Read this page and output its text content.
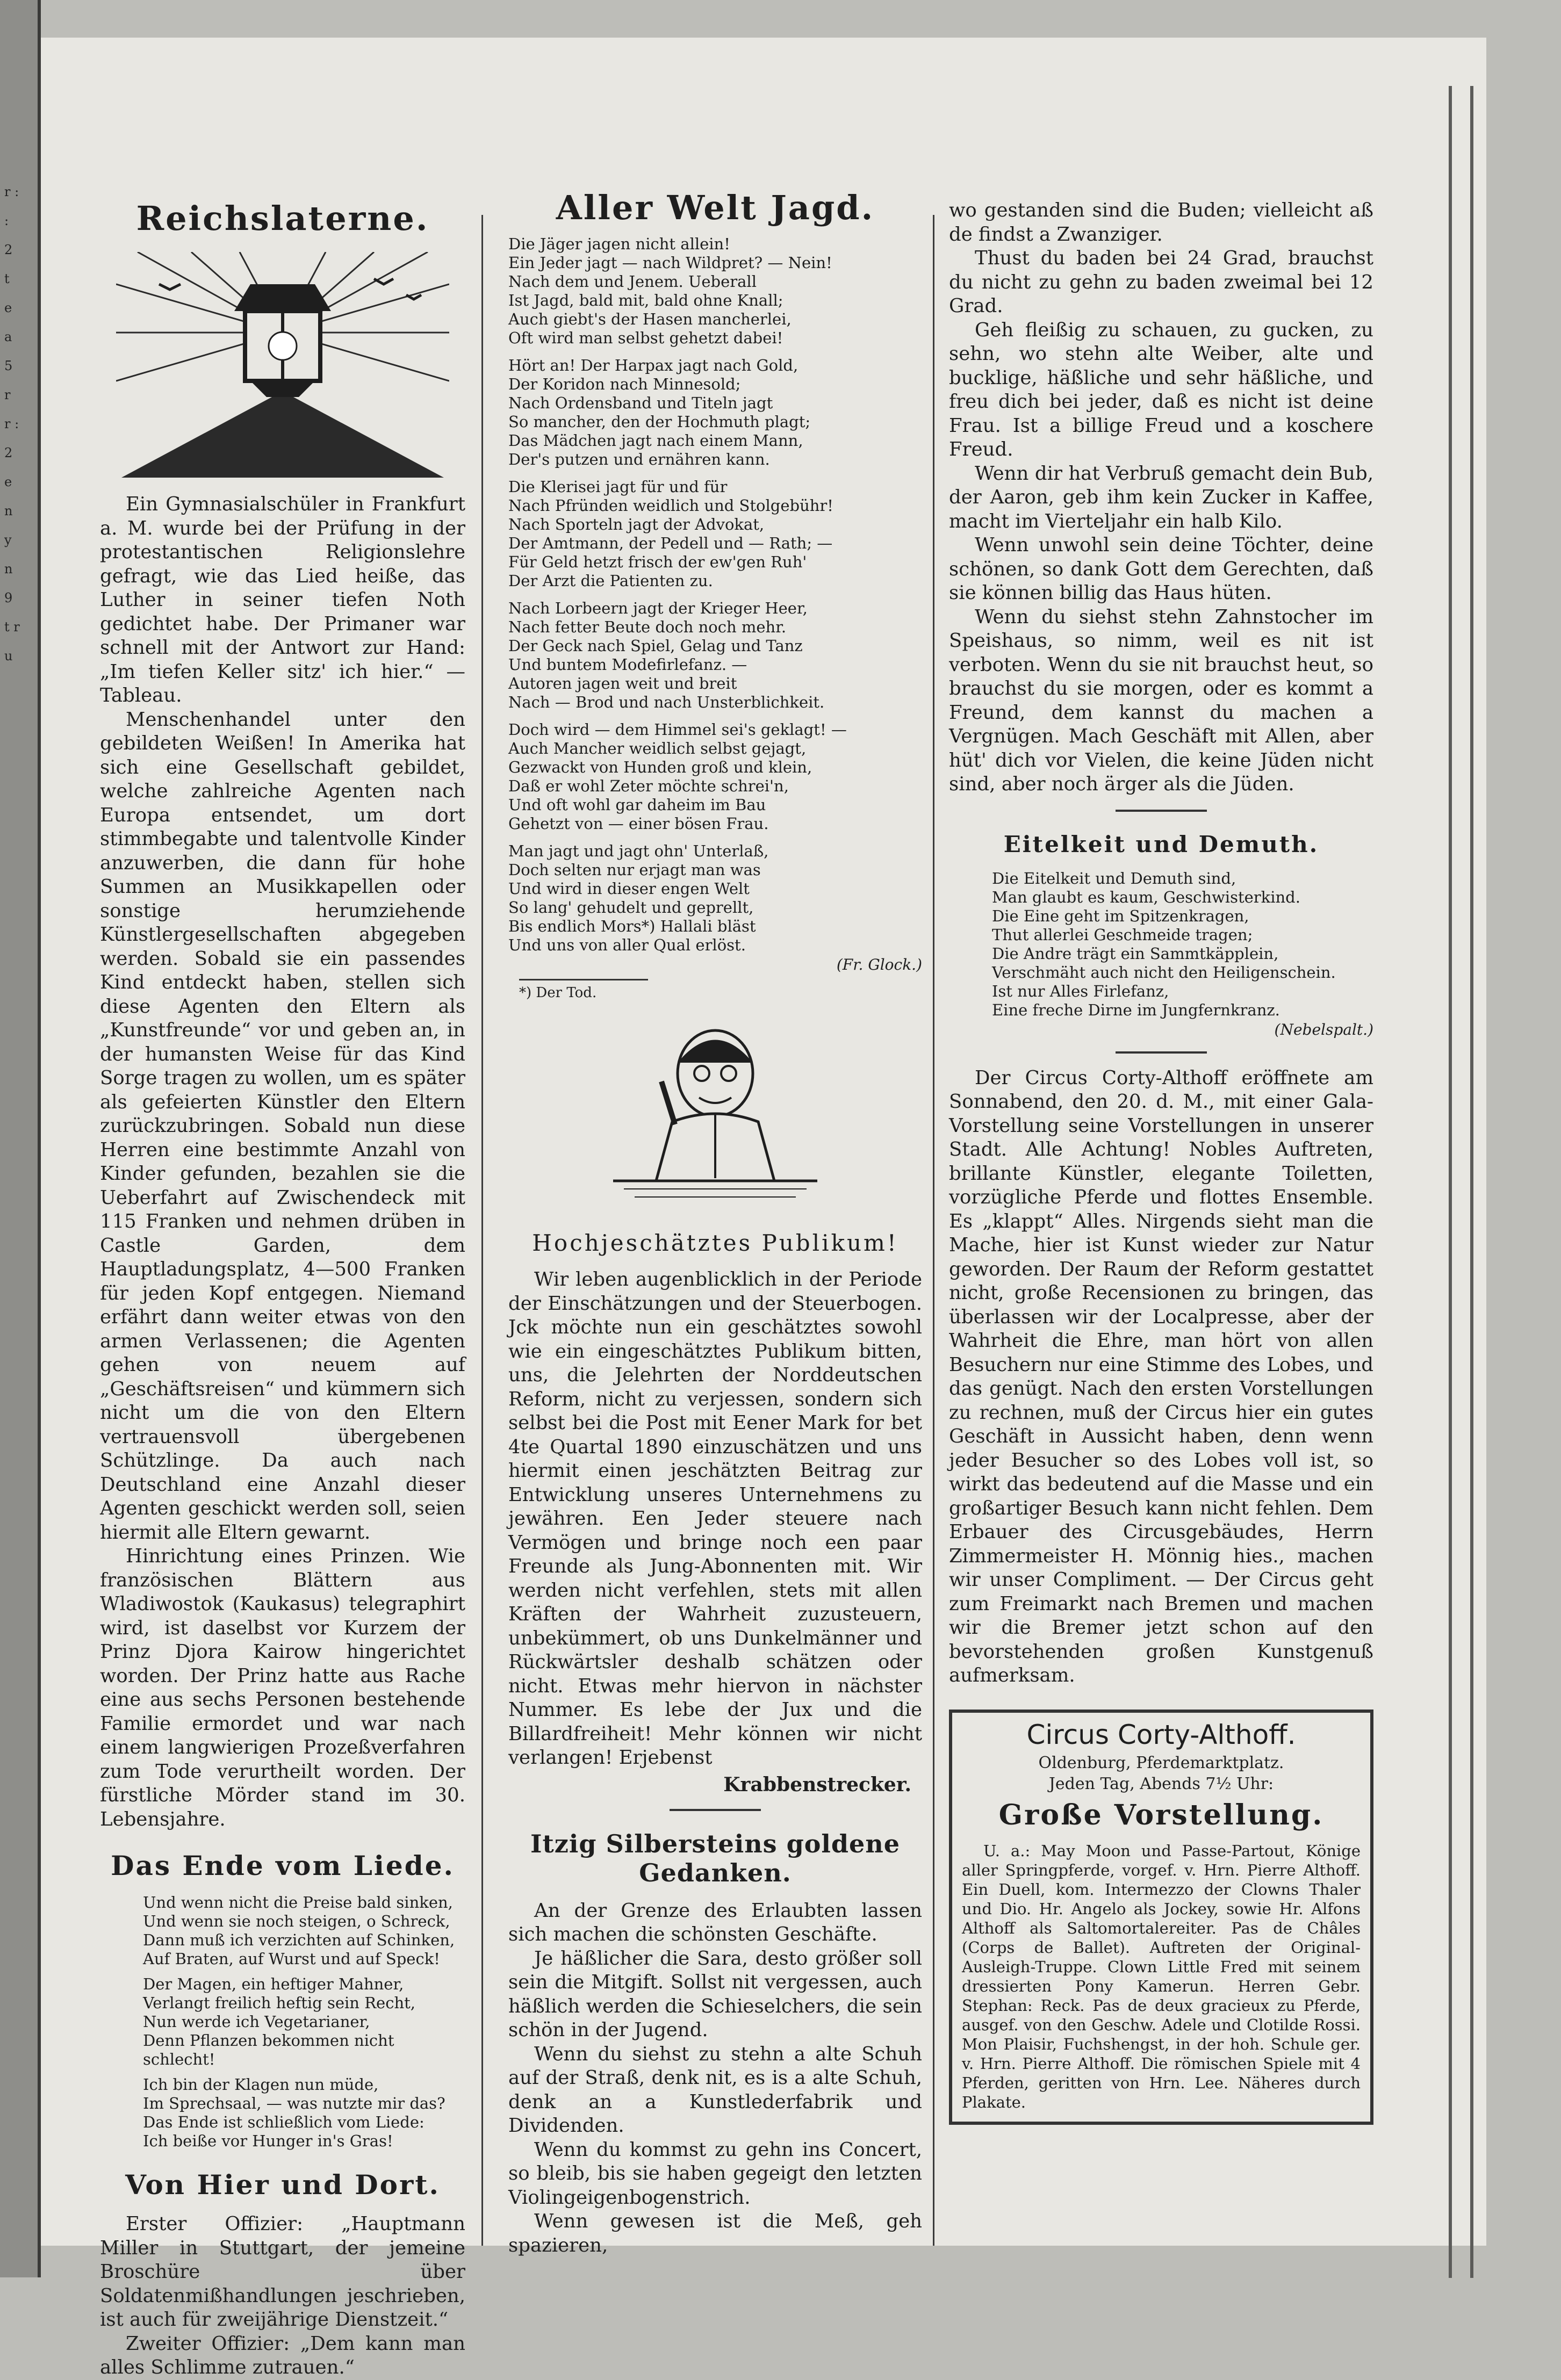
r : : 2 t e a 5 r r : 2 e n y n 9 t r u
Reichslaterne.

Ein Gymnasialschüler in Frankfurt a. M. wurde bei der Prüfung in der protestantischen Religionslehre gefragt, wie das Lied heiße, das Luther in seiner tiefen Noth gedichtet habe. Der Primaner war schnell mit der Antwort zur Hand: „Im tiefen Keller sitz' ich hier.“ — Tableau.

Menschenhandel unter den gebildeten Weißen! In Amerika hat sich eine Gesellschaft gebildet, welche zahlreiche Agenten nach Europa entsendet, um dort stimmbegabte und talentvolle Kinder anzuwerben, die dann für hohe Summen an Musikkapellen oder sonstige herumziehende Künstlergesellschaften abgegeben werden. Sobald sie ein passendes Kind entdeckt haben, stellen sich diese Agenten den Eltern als „Kunstfreunde“ vor und geben an, in der humansten Weise für das Kind Sorge tragen zu wollen, um es später als gefeierten Künstler den Eltern zurückzubringen. Sobald nun diese Herren eine bestimmte Anzahl von Kinder gefunden, bezahlen sie die Ueberfahrt auf Zwischendeck mit 115 Franken und nehmen drüben in Castle Garden, dem Hauptladungsplatz, 4—500 Franken für jeden Kopf entgegen. Niemand erfährt dann weiter etwas von den armen Verlassenen; die Agenten gehen von neuem auf „Geschäftsreisen“ und kümmern sich nicht um die von den Eltern vertrauensvoll übergebenen Schützlinge. Da auch nach Deutschland eine Anzahl dieser Agenten geschickt werden soll, seien hiermit alle Eltern gewarnt.

Hinrichtung eines Prinzen. Wie französischen Blättern aus Wladiwostok (Kaukasus) telegraphirt wird, ist daselbst vor Kurzem der Prinz Djora Kairow hingerichtet worden. Der Prinz hatte aus Rache eine aus sechs Personen bestehende Familie ermordet und war nach einem langwierigen Prozeßverfahren zum Tode verurtheilt worden. Der fürstliche Mörder stand im 30. Lebensjahre.

Das Ende vom Liede.
Und wenn nicht die Preise bald sinken,
Und wenn sie noch steigen, o Schreck,
Dann muß ich verzichten auf Schinken,
Auf Braten, auf Wurst und auf Speck!
Der Magen, ein heftiger Mahner,
Verlangt freilich heftig sein Recht,
Nun werde ich Vegetarianer,
Denn Pflanzen bekommen nicht schlecht!
Ich bin der Klagen nun müde,
Im Sprechsaal, — was nutzte mir das?
Das Ende ist schließlich vom Liede:
Ich beiße vor Hunger in's Gras!
Von Hier und Dort.

Erster Offizier: „Hauptmann Miller in Stuttgart, der jemeine Broschüre über Soldatenmißhandlungen jeschrieben, ist auch für zweijährige Dienstzeit.“

Zweiter Offizier: „Dem kann man alles Schlimme zutrauen.“

Aller Welt Jagd.
Die Jäger jagen nicht allein!
Ein Jeder jagt — nach Wildpret? — Nein!
Nach dem und Jenem. Ueberall
Ist Jagd, bald mit, bald ohne Knall;
Auch giebt's der Hasen mancherlei,
Oft wird man selbst gehetzt dabei!
Hört an! Der Harpax jagt nach Gold,
Der Koridon nach Minnesold;
Nach Ordensband und Titeln jagt
So mancher, den der Hochmuth plagt;
Das Mädchen jagt nach einem Mann,
Der's putzen und ernähren kann.
Die Klerisei jagt für und für
Nach Pfründen weidlich und Stolgebühr!
Nach Sporteln jagt der Advokat,
Der Amtmann, der Pedell und — Rath; —
Für Geld hetzt frisch der ew'gen Ruh'
Der Arzt die Patienten zu.
Nach Lorbeern jagt der Krieger Heer,
Nach fetter Beute doch noch mehr.
Der Geck nach Spiel, Gelag und Tanz
Und buntem Modefirlefanz. —
Autoren jagen weit und breit
Nach — Brod und nach Unsterblichkeit.
Doch wird — dem Himmel sei's geklagt! —
Auch Mancher weidlich selbst gejagt,
Gezwackt von Hunden groß und klein,
Daß er wohl Zeter möchte schrei'n,
Und oft wohl gar daheim im Bau
Gehetzt von — einer bösen Frau.
Man jagt und jagt ohn' Unterlaß,
Doch selten nur erjagt man was
Und wird in dieser engen Welt
So lang' gehudelt und geprellt,
Bis endlich Mors*) Hallali bläst
Und uns von aller Qual erlöst.
(Fr. Glock.)
*) Der Tod.
Hochjeschätztes Publikum!

Wir leben augenblicklich in der Periode der Einschätzungen und der Steuerbogen. Jck möchte nun ein geschätztes sowohl wie ein eingeschätztes Publikum bitten, uns, die Jelehrten der Norddeutschen Reform, nicht zu verjessen, sondern sich selbst bei die Post mit Eener Mark for bet 4te Quartal 1890 einzuschätzen und uns hiermit einen jeschätzten Beitrag zur Entwicklung unseres Unternehmens zu jewähren. Een Jeder steuere nach Vermögen und bringe noch een paar Freunde als Jung-Abonnenten mit. Wir werden nicht verfehlen, stets mit allen Kräften der Wahrheit zuzusteuern, unbekümmert, ob uns Dunkelmänner und Rückwärtsler deshalb schätzen oder nicht. Etwas mehr hiervon in nächster Nummer. Es lebe der Jux und die Billardfreiheit! Mehr können wir nicht verlangen! Erjebenst

Krabbenstrecker.
Itzig Silbersteins goldene Gedanken.

An der Grenze des Erlaubten lassen sich machen die schönsten Geschäfte.

Je häßlicher die Sara, desto größer soll sein die Mitgift. Sollst nit vergessen, auch häßlich werden die Schieselchers, die sein schön in der Jugend.

Wenn du siehst zu stehn a alte Schuh auf der Straß, denk nit, es is a alte Schuh, denk an a Kunstlederfabrik und Dividenden.

Wenn du kommst zu gehn ins Concert, so bleib, bis sie haben gegeigt den letzten Violingeigenbogenstrich.

Wenn gewesen ist die Meß, geh spazieren,

wo gestanden sind die Buden; vielleicht aß de findst a Zwanziger.

Thust du baden bei 24 Grad, brauchst du nicht zu gehn zu baden zweimal bei 12 Grad.

Geh fleißig zu schauen, zu gucken, zu sehn, wo stehn alte Weiber, alte und bucklige, häßliche und sehr häßliche, und freu dich bei jeder, daß es nicht ist deine Frau. Ist a billige Freud und a koschere Freud.

Wenn dir hat Verbruß gemacht dein Bub, der Aaron, geb ihm kein Zucker in Kaffee, macht im Vierteljahr ein halb Kilo.

Wenn unwohl sein deine Töchter, deine schönen, so dank Gott dem Gerechten, daß sie können billig das Haus hüten.

Wenn du siehst stehn Zahnstocher im Speishaus, so nimm, weil es nit ist verboten. Wenn du sie nit brauchst heut, so brauchst du sie morgen, oder es kommt a Freund, dem kannst du machen a Vergnügen. Mach Geschäft mit Allen, aber hüt' dich vor Vielen, die keine Jüden nicht sind, aber noch ärger als die Jüden.

Eitelkeit und Demuth.
Die Eitelkeit und Demuth sind,
Man glaubt es kaum, Geschwisterkind.
Die Eine geht im Spitzenkragen,
Thut allerlei Geschmeide tragen;
Die Andre trägt ein Sammtkäpplein,
Verschmäht auch nicht den Heiligenschein.
Ist nur Alles Firlefanz,
Eine freche Dirne im Jungfernkranz.
(Nebelspalt.)

Der Circus Corty-Althoff eröffnete am Sonnabend, den 20. d. M., mit einer Gala-Vorstellung seine Vorstellungen in unserer Stadt. Alle Achtung! Nobles Auftreten, brillante Künstler, elegante Toiletten, vorzügliche Pferde und flottes Ensemble. Es „klappt“ Alles. Nirgends sieht man die Mache, hier ist Kunst wieder zur Natur geworden. Der Raum der Reform gestattet nicht, große Recensionen zu bringen, das überlassen wir der Localpresse, aber der Wahrheit die Ehre, man hört von allen Besuchern nur eine Stimme des Lobes, und das genügt. Nach den ersten Vorstellungen zu rechnen, muß der Circus hier ein gutes Geschäft in Aussicht haben, denn wenn jeder Besucher so des Lobes voll ist, so wirkt das bedeutend auf die Masse und ein großartiger Besuch kann nicht fehlen. Dem Erbauer des Circusgebäudes, Herrn Zimmermeister H. Mönnig hies., machen wir unser Compliment. — Der Circus geht zum Freimarkt nach Bremen und machen wir die Bremer jetzt schon auf den bevorstehenden großen Kunstgenuß aufmerksam.

Circus Corty-Althoff.

Oldenburg, Pferdemarktplatz.

Jeden Tag, Abends 7½ Uhr:

Große Vorstellung.

U. a.: May Moon und Passe-Partout, Könige aller Springpferde, vorgef. v. Hrn. Pierre Althoff. Ein Duell, kom. Intermezzo der Clowns Thaler und Dio. Hr. Angelo als Jockey, sowie Hr. Alfons Althoff als Saltomortalereiter. Pas de Châles (Corps de Ballet). Auftreten der Original-Ausleigh-Truppe. Clown Little Fred mit seinem dressierten Pony Kamerun. Herren Gebr. Stephan: Reck. Pas de deux gracieux zu Pferde, ausgef. von den Geschw. Adele und Clotilde Rossi. Mon Plaisir, Fuchshengst, in der hoh. Schule ger. v. Hrn. Pierre Althoff. Die römischen Spiele mit 4 Pferden, geritten von Hrn. Lee. Näheres durch Plakate.
